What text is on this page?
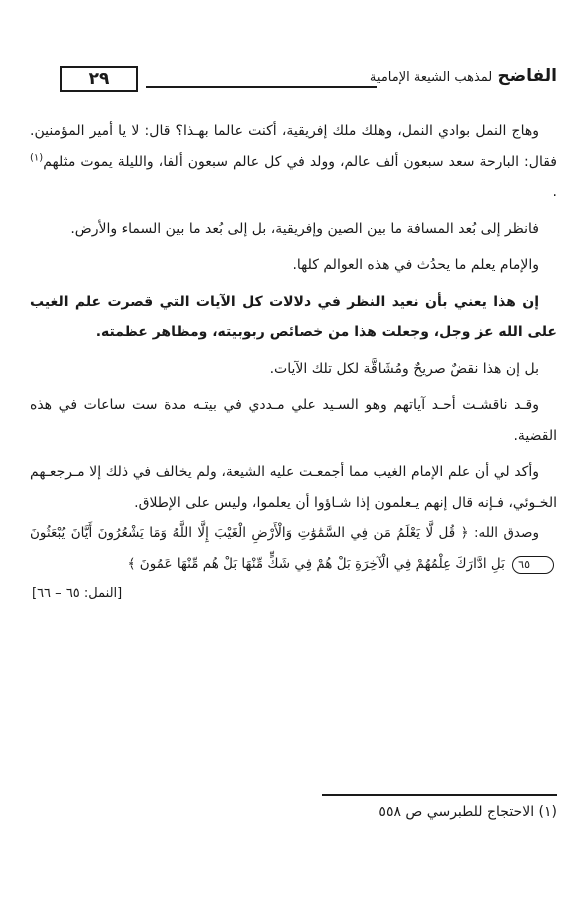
٢٩	الفاضح لمذهب الشيعة الإمامية

وهاج النمل بوادي النمل، وهلك ملك إفريقية، أكنت عالما بهـذا؟ قال: لا يا أمير المؤمنين. فقال: البارحة سعد سبعون ألف عالم، وولد في كل عالم سبعون ألفا، والليلة يموت مثلهم$^{(١)}$ .

فانظر إلى بُعد المسافة ما بين الصين وإفريقية، بل إلى بُعد ما بين السماء والأرض.

والإمام يعلم ما يحدُث في هذه العوالم كلها.

إن هذا يعني بأن نعيد النظر في دلالات كل الآيات التي قصرت علم الغيب على الله عز وجل، وجعلت هذا من خصائص ربوبيته، ومظاهر عظمته.

بل إن هذا نقضٌ صريحٌ ومُشَاقَّة لكل تلك الآيات.

وقـد ناقشـت أحـد آياتهم وهو السـيد علي مـددي في بيتـه مدة ست ساعات في هذه القضية.

وأكد لي أن علم الإمام الغيب مما أجمعـت عليه الشيعة، ولم يخالف في ذلك إلا مـرجعـهم الخـوئي، فـإنه قال إنهم يـعلمون إذا شـاؤوا أن يعلموا، وليس على الإطلاق.

وصدق الله: ﴿ قُل لَّا يَعْلَمُ مَن فِي السَّمَٰوَٰتِ وَالْأَرْضِ الْغَيْبَ إِلَّا اللَّهُ وَمَا يَشْعُرُونَ أَيَّانَ يُبْعَثُونَ ٦٥ بَلِ ادَّارَكَ عِلْمُهُمْ فِي الْآخِرَةِ بَلْ هُمْ فِي شَكٍّ مِّنْهَا بَلْ هُم مِّنْهَا عَمُونَ ﴾

[النمل: ٦٥ – ٦٦]

(١) الاحتجاج للطبرسي ص ٥٥٨
